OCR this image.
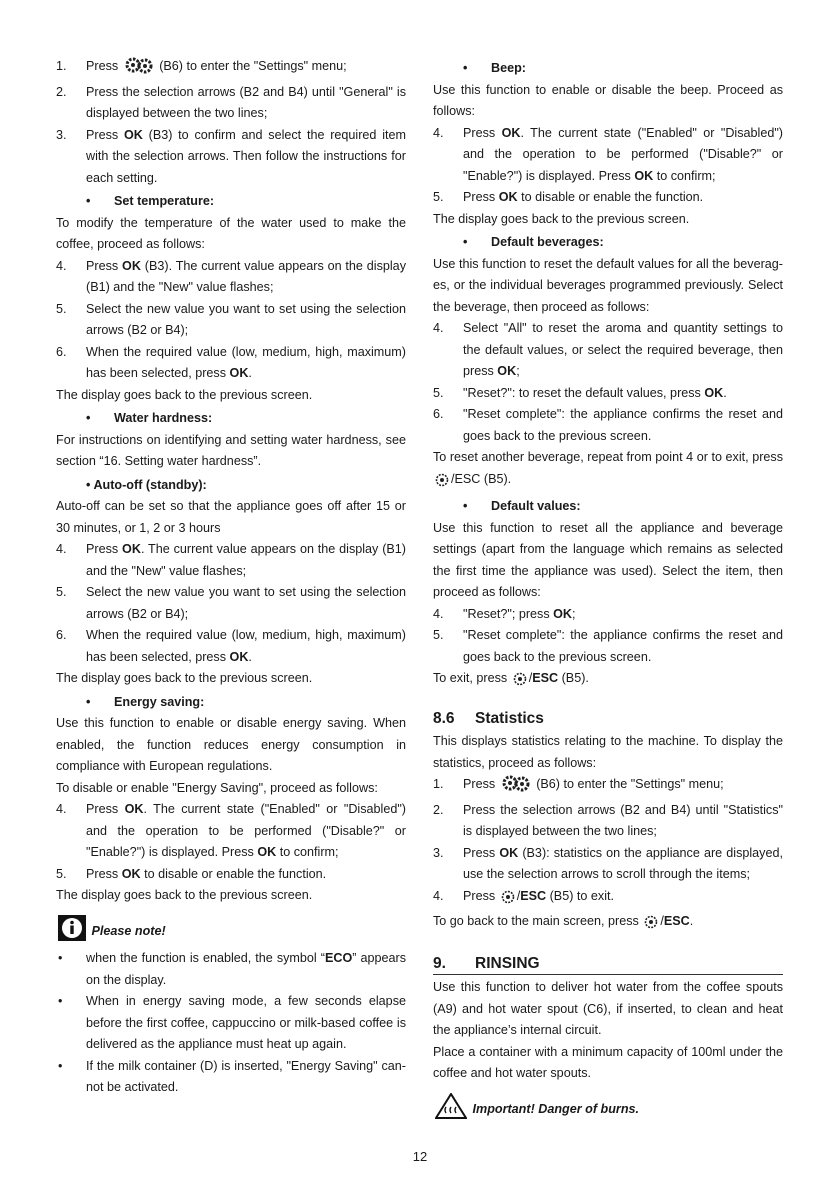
1. Press	(B6) to enter the "Settings" menu;
2. Press the selection arrows (B2 and B4) until "General" is displayed between the two lines;
3. Press OK (B3) to confirm and select the required item with the selection arrows. Then follow the instructions for each setting.
• Set temperature:

To modify the temperature of the water used to make the coffee, proceed as follows:

4. Press OK (B3). The current value appears on the display (B1) and the "New" value flashes;
5. Select the new value you want to set using the selection arrows (B2 or B4);
6. When the required value (low, medium, high, maximum) has been selected, press OK.

The display goes back to the previous screen.

• Water hardness:

For instructions on identifying and setting water hardness, see section “16. Setting water hardness”.

• Auto-off (standby):

Auto-off can be set so that the appliance goes off after 15 or 30 minutes, or 1, 2 or 3 hours

4. Press OK. The current value appears on the display (B1) and the "New" value flashes;
5. Select the new value you want to set using the selection arrows (B2 or B4);
6. When the required value (low, medium, high, maximum) has been selected, press OK.

The display goes back to the previous screen.

• Energy saving:

Use this function to enable or disable energy saving. When enabled, the function reduces energy consumption in compliance with European regulations.

To disable or enable "Energy Saving", proceed as follows:

4. Press OK. The current state ("Enabled" or "Disabled") and the operation to be performed ("Disable?" or "Enable?") is displayed. Press OK to confirm;
5. Press OK to disable or enable the function.

The display goes back to the previous screen.

Please note!
• when the function is enabled, the symbol “ECO” appears on the display.
• When in energy saving mode, a few seconds elapse before the first coffee, cappuccino or milk-based coffee is delivered as the appliance must heat up again.
• If the milk container (D) is inserted, "Energy Saving" cannot be activated.
• Beep:

Use this function to enable or disable the beep. Proceed as follows:

4. Press OK. The current state ("Enabled" or "Disabled") and the operation to be performed ("Disable?" or "Enable?") is displayed. Press OK to confirm;
5. Press OK to disable or enable the function.

The display goes back to the previous screen.

• Default beverages:

Use this function to reset the default values for all the beverages, or the individual beverages programmed previously. Select the beverage, then proceed as follows:

4. Select "All" to reset the aroma and quantity settings to the default values, or select the required beverage, then press OK;
5. "Reset?": to reset the default values, press OK.
6. "Reset complete": the appliance confirms the reset and goes back to the previous screen.

To reset another beverage, repeat from point 4 or to exit, press /ESC (B5).

• Default values:

Use this function to reset all the appliance and beverage settings (apart from the language which remains as selected the first time the appliance was used). Select the item, then proceed as follows:

4. "Reset?"; press OK;
5. "Reset complete": the appliance confirms the reset and goes back to the previous screen.

To exit, press /ESC (B5).

8.6 Statistics

This displays statistics relating to the machine. To display the statistics, proceed as follows:

1. Press	(B6) to enter the "Settings" menu;
2. Press the selection arrows (B2 and B4) until "Statistics" is displayed between the two lines;
3. Press OK (B3): statistics on the appliance are displayed, use the selection arrows to scroll through the items;
4. Press /ESC (B5) to exit.

To go back to the main screen, press /ESC.

9. RINSING

Use this function to deliver hot water from the coffee spouts (A9) and hot water spout (C6), if inserted, to clean and heat the appliance’s internal circuit.

Place a container with a minimum capacity of 100ml under the coffee and hot water spouts.

Important! Danger of burns.
12
